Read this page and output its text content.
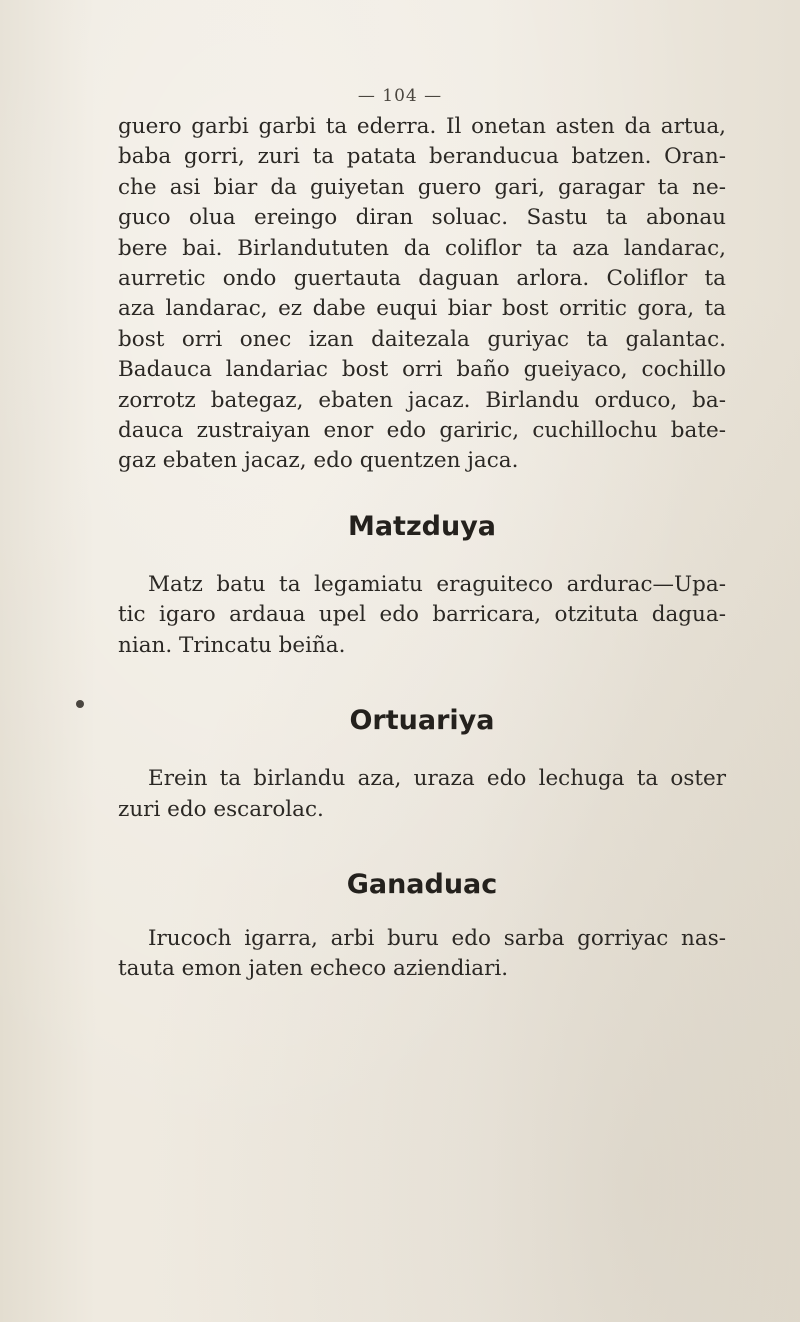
— 104 —

guero garbi garbi ta ederra. Il onetan asten da artua,
baba gorri, zuri ta patata beranducua batzen. Oran-
che asi biar da guiyetan guero gari, garagar ta ne-
guco olua ereingo diran soluac. Sastu ta abonau
bere bai. Birlandututen da coliflor ta aza landarac,
aurretic ondo guertauta daguan arlora. Coliflor ta
aza landarac, ez dabe euqui biar bost orritic gora, ta
bost orri onec izan daitezala guriyac ta galantac.
Badauca landariac bost orri baño gueiyaco, cochillo
zorrotz bategaz, ebaten jacaz. Birlandu orduco, ba-
dauca zustraiyan enor edo gariric, cuchillochu bate-
gaz ebaten jacaz, edo quentzen jaca.

Matzduya

Matz batu ta legamiatu eraguiteco ardurac—Upa-
tic igaro ardaua upel edo barricara, otzituta dagua-
nian. Trincatu beiña.

Ortuariya

Erein ta birlandu aza, uraza edo lechuga ta oster
zuri edo escarolac.

Ganaduac

Irucoch igarra, arbi buru edo sarba gorriyac nas-
tauta emon jaten echeco aziendiari.
